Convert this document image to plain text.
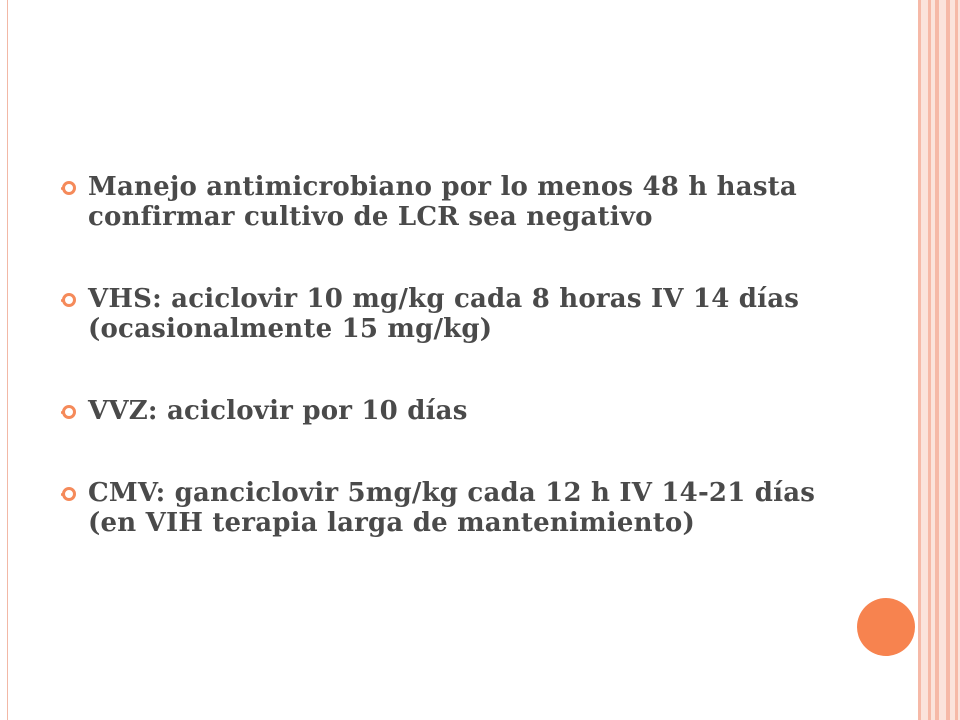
Manejo antimicrobiano por lo menos 48 h hasta confirmar cultivo de LCR sea negativo
VHS: aciclovir 10 mg/kg cada 8 horas IV 14 días (ocasionalmente 15 mg/kg)
VVZ: aciclovir por 10 días
CMV: ganciclovir 5mg/kg cada 12 h IV 14-21 días (en VIH terapia larga de mantenimiento)
